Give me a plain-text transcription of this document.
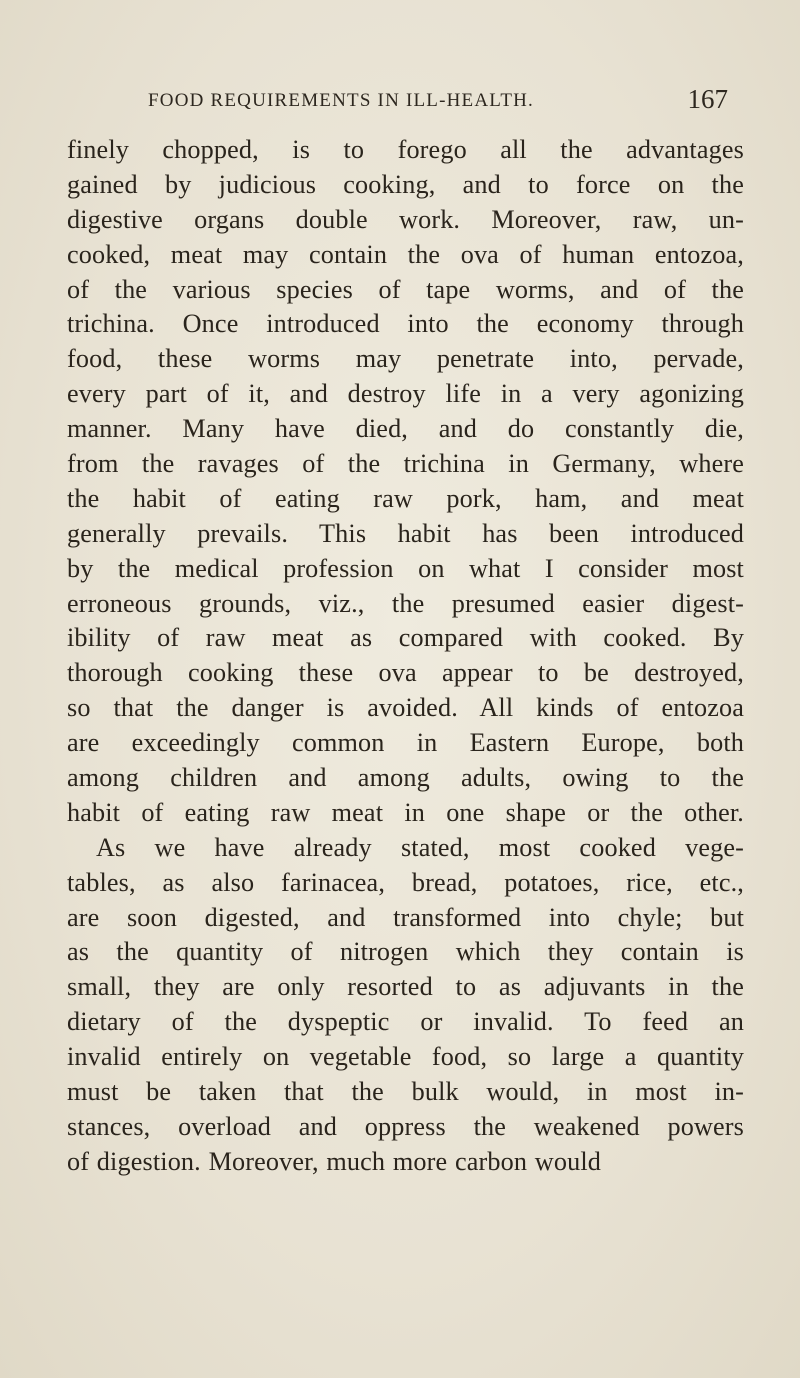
FOOD REQUIREMENTS IN ILL-HEALTH.	167
finely chopped, is to forego all the advantages
gained by judicious cooking, and to force on the
digestive organs double work. Moreover, raw, un-
cooked, meat may contain the ova of human entozoa,
of the various species of tape worms, and of the
trichina. Once introduced into the economy through
food, these worms may penetrate into, pervade,
every part of it, and destroy life in a very agonizing
manner. Many have died, and do constantly die,
from the ravages of the trichina in Germany, where
the habit of eating raw pork, ham, and meat
generally prevails. This habit has been introduced
by the medical profession on what I consider most
erroneous grounds, viz., the presumed easier digest-
ibility of raw meat as compared with cooked. By
thorough cooking these ova appear to be destroyed,
so that the danger is avoided. All kinds of entozoa
are exceedingly common in Eastern Europe, both
among children and among adults, owing to the
habit of eating raw meat in one shape or the other.
As we have already stated, most cooked vege-
tables, as also farinacea, bread, potatoes, rice, etc.,
are soon digested, and transformed into chyle; but
as the quantity of nitrogen which they contain is
small, they are only resorted to as adjuvants in the
dietary of the dyspeptic or invalid. To feed an
invalid entirely on vegetable food, so large a quantity
must be taken that the bulk would, in most in-
stances, overload and oppress the weakened powers
of digestion. Moreover, much more carbon would
